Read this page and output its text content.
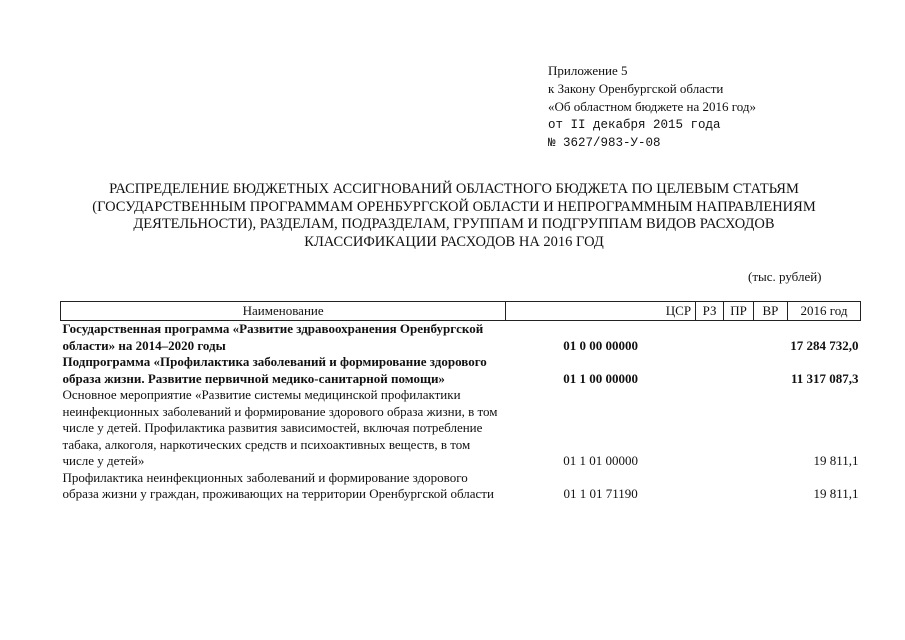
Приложение 5
к Закону Оренбургской области
«Об областном бюджете на 2016 год»
от II декабря 2015 года
№ 3627/983-У-08
РАСПРЕДЕЛЕНИЕ БЮДЖЕТНЫХ АССИГНОВАНИЙ ОБЛАСТНОГО БЮДЖЕТА ПО ЦЕЛЕВЫМ СТАТЬЯМ
(ГОСУДАРСТВЕННЫМ ПРОГРАММАМ ОРЕНБУРГСКОЙ ОБЛАСТИ И НЕПРОГРАММНЫМ НАПРАВЛЕНИЯМ
ДЕЯТЕЛЬНОСТИ), РАЗДЕЛАМ, ПОДРАЗДЕЛАМ, ГРУППАМ И ПОДГРУППАМ ВИДОВ РАСХОДОВ
КЛАССИФИКАЦИИ РАСХОДОВ НА 2016 ГОД
(тыс. рублей)
Наименование	ЦСР	РЗ	ПР	ВР	2016 год
Государственная программа «Развитие здравоохранения Оренбургской области» на 2014–2020 годы	01 0 00 00000				17 284 732,0
Подпрограмма «Профилактика заболеваний и формирование здорового образа жизни. Развитие первичной медико-санитарной помощи»	01 1 00 00000				11 317 087,3
Основное мероприятие «Развитие системы медицинской профилактики неинфекционных заболеваний и формирование здорового образа жизни, в том числе у детей. Профилактика развития зависимостей, включая потребление табака, алкоголя, наркотических средств и психоактивных веществ, в том числе у детей»	01 1 01 00000				19 811,1
Профилактика неинфекционных заболеваний и формирование здорового образа жизни у граждан, проживающих на территории Оренбургской области	01 1 01 71190				19 811,1
